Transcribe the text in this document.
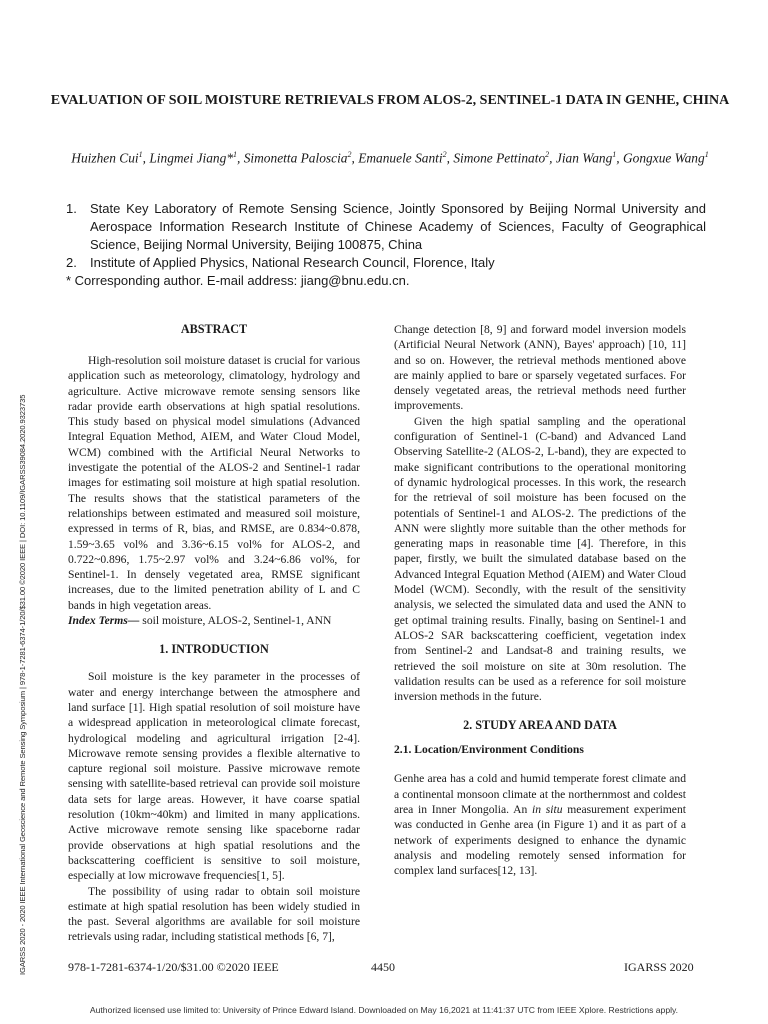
IGARSS 2020 - 2020 IEEE International Geoscience and Remote Sensing Symposium | 978-1-7281-6374-1/20/$31.00 ©2020 IEEE | DOI: 10.1109/IGARSS39084.2020.9323735
EVALUATION OF SOIL MOISTURE RETRIEVALS FROM ALOS-2, SENTINEL-1 DATA IN GENHE, CHINA
Huizhen Cui$^1$, Lingmei Jiang*$^1$, Simonetta Paloscia$^2$, Emanuele Santi$^2$, Simone Pettinato$^2$, Jian Wang$^1$, Gongxue Wang$^1$
1.	State Key Laboratory of Remote Sensing Science, Jointly Sponsored by Beijing Normal University and Aerospace Information Research Institute of Chinese Academy of Sciences, Faculty of Geographical Science, Beijing Normal University, Beijing 100875, China
2.	Institute of Applied Physics, National Research Council, Florence, Italy
* Corresponding author. E-mail address: jiang@bnu.edu.cn.
ABSTRACT

High-resolution soil moisture dataset is crucial for various application such as meteorology, climatology, hydrology and agriculture. Active microwave remote sensing sensors like radar provide earth observations at high spatial resolutions. This study based on physical model simulations (Advanced Integral Equation Method, AIEM, and Water Cloud Model, WCM) combined with the Artificial Neural Networks to investigate the potential of the ALOS-2 and Sentinel-1 radar images for estimating soil moisture at high spatial resolution. The results shows that the statistical parameters of the relationships between estimated and measured soil moisture, expressed in terms of R, bias, and RMSE, are 0.834~0.878, 1.59~3.65 vol% and 3.36~6.15 vol% for ALOS-2, and 0.722~0.896, 1.75~2.97 vol% and 3.24~6.86 vol%, for Sentinel-1. In densely vegetated area, RMSE significant increases, due to the limited penetration ability of L and C bands in high vegetation areas.

Index Terms— soil moisture, ALOS-2, Sentinel-1, ANN

1. INTRODUCTION

Soil moisture is the key parameter in the processes of water and energy interchange between the atmosphere and land surface [1]. High spatial resolution of soil moisture have a widespread application in meteorological climate forecast, hydrological modeling and agricultural irrigation [2-4]. Microwave remote sensing provides a flexible alternative to capture regional soil moisture. Passive microwave remote sensing with satellite-based retrieval can provide soil moisture data sets for large areas. However, it have coarse spatial resolution (10km~40km) and limited in many applications. Active microwave remote sensing like spaceborne radar provide observations at high spatial resolutions and the backscattering coefficient is sensitive to soil moisture, especially at low microwave frequencies[1, 5].

The possibility of using radar to obtain soil moisture estimate at high spatial resolution has been widely studied in the past. Several algorithms are available for soil moisture retrievals using radar, including statistical methods [6, 7],

Change detection [8, 9] and forward model inversion models (Artificial Neural Network (ANN), Bayes' approach) [10, 11] and so on. However, the retrieval methods mentioned above are mainly applied to bare or sparsely vegetated surfaces. For densely vegetated areas, the retrieval methods need further improvements.

Given the high spatial sampling and the operational configuration of Sentinel-1 (C-band) and Advanced Land Observing Satellite-2 (ALOS-2, L-band), they are expected to make significant contributions to the operational monitoring of dynamic hydrological processes. In this work, the research for the retrieval of soil moisture has been focused on the potentials of Sentinel-1 and ALOS-2. The predictions of the ANN were slightly more suitable than the other methods for generating maps in reasonable time [4]. Therefore, in this paper, firstly, we built the simulated database based on the Advanced Integral Equation Method (AIEM) and Water Cloud Model (WCM). Secondly, with the result of the sensitivity analysis, we selected the simulated data and used the ANN to get optimal training results. Finally, basing on Sentinel-1 and ALOS-2 SAR backscattering coefficient, vegetation index from Sentinel-2 and Landsat-8 and training results, we retrieved the soil moisture on site at 30m resolution. The validation results can be used as a reference for soil moisture inversion methods in the future.

2. STUDY AREA AND DATA
2.1. Location/Environment Conditions

Genhe area has a cold and humid temperate forest climate and a continental monsoon climate at the northernmost and coldest area in Inner Mongolia. An in situ measurement experiment was conducted in Genhe area (in Figure 1) and it as part of a network of experiments designed to enhance the dynamic analysis and modeling remotely sensed information for complex land surfaces[12, 13].

978-1-7281-6374-1/20/$31.00 ©2020 IEEE	4450	IGARSS 2020
Authorized licensed use limited to: University of Prince Edward Island. Downloaded on May 16,2021 at 11:41:37 UTC from IEEE Xplore. Restrictions apply.
